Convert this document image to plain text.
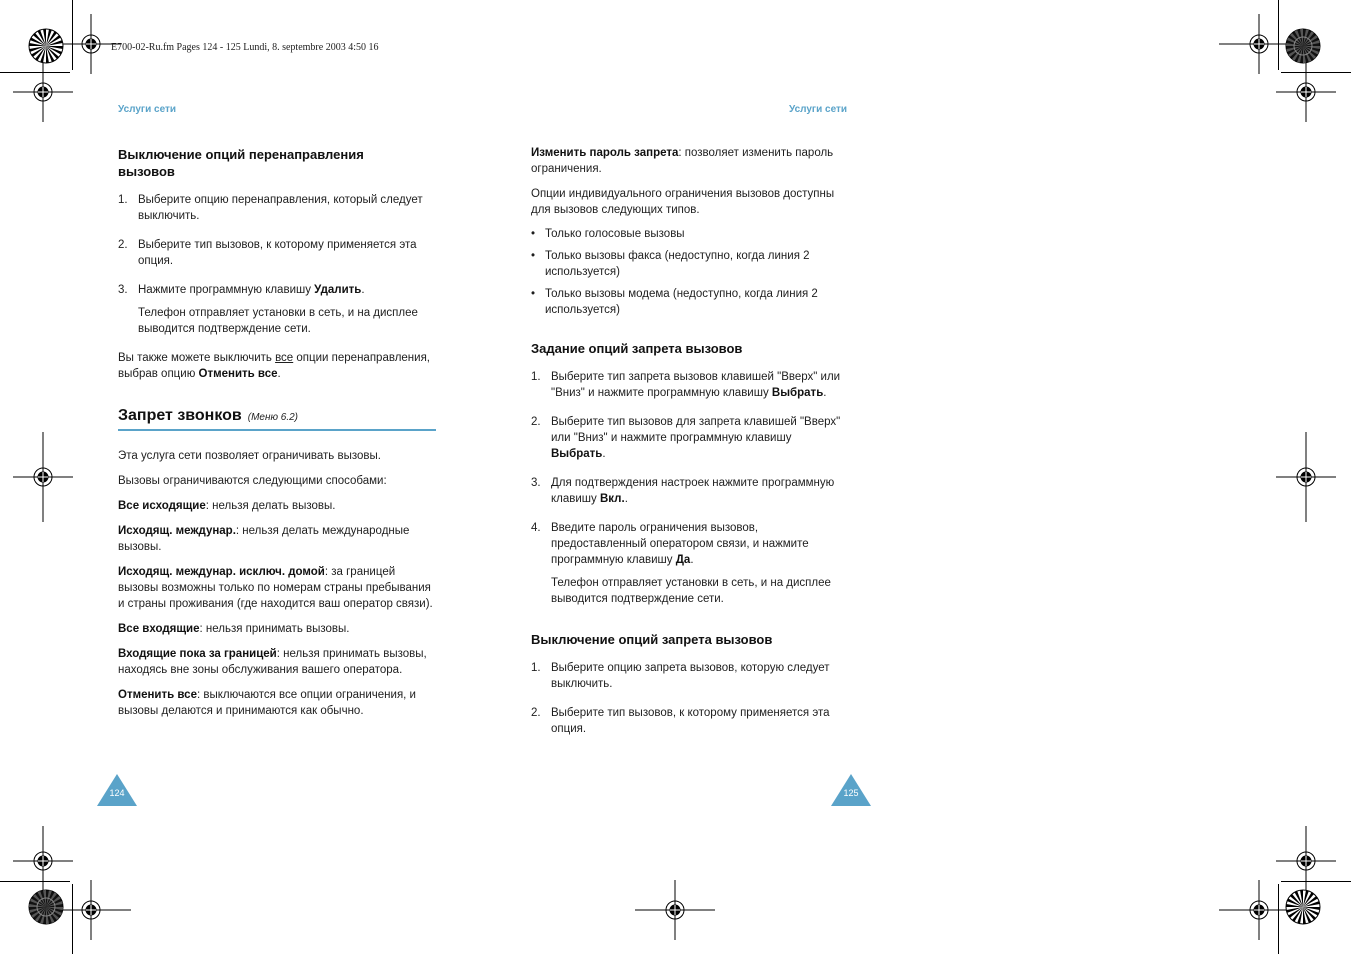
E700-02-Ru.fm Pages 124 - 125 Lundi, 8. septembre 2003 4:50 16
Услуги сети	Услуги сети
Выключение опций перенаправления вызовов
1. Выберите опцию перенаправления, который следует выключить.
2. Выберите тип вызовов, к которому применяется эта опция.
3. Нажмите программную клавишу Удалить.
Телефон отправляет установки в сеть, и на дисплее выводится подтверждение сети.

Вы также можете выключить все опции перенаправления, выбрав опцию Отменить все.

Запрет звонков (Меню 6.2)

Эта услуга сети позволяет ограничивать вызовы.

Вызовы ограничиваются следующими способами:

Все исходящие: нельзя делать вызовы.

Исходящ. междунар.: нельзя делать международные вызовы.

Исходящ. междунар. исключ. домой: за границей вызовы возможны только по номерам страны пребывания и страны проживания (где находится ваш оператор связи).

Все входящие: нельзя принимать вызовы.

Входящие пока за границей: нельзя принимать вызовы, находясь вне зоны обслуживания вашего оператора.

Отменить все: выключаются все опции ограничения, и вызовы делаются и принимаются как обычно.

Изменить пароль запрета: позволяет изменить пароль ограничения.

Опции индивидуального ограничения вызовов доступны для вызовов следующих типов.

• Только голосовые вызовы
• Только вызовы факса (недоступно, когда линия 2 используется)
• Только вызовы модема (недоступно, когда линия 2 используется)
Задание опций запрета вызовов
1. Выберите тип запрета вызовов клавишей "Вверх" или "Вниз" и нажмите программную клавишу Выбрать.
2. Выберите тип вызовов для запрета клавишей "Вверх" или "Вниз" и нажмите программную клавишу Выбрать.
3. Для подтверждения настроек нажмите программную клавишу Вкл..
4. Введите пароль ограничения вызовов, предоставленный оператором связи, и нажмите программную клавишу Да.
Телефон отправляет установки в сеть, и на дисплее выводится подтверждение сети.
Выключение опций запрета вызовов
1. Выберите опцию запрета вызовов, которую следует выключить.
2. Выберите тип вызовов, к которому применяется эта опция.
124	125
